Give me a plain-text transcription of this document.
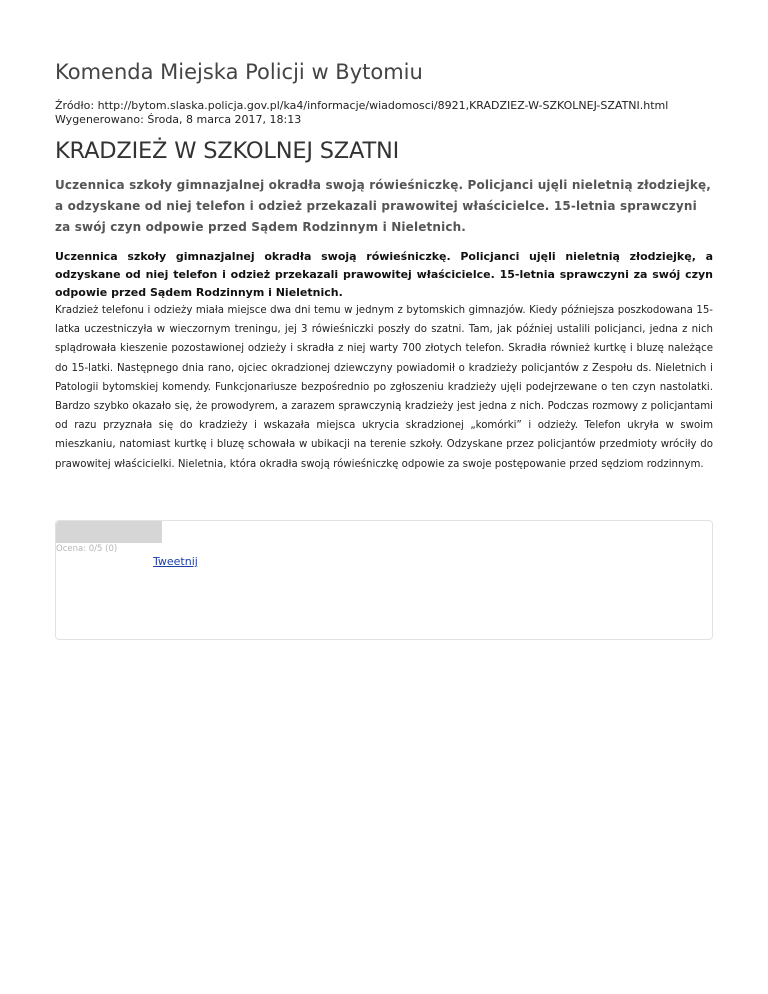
Komenda Miejska Policji w Bytomiu
Źródło: http://bytom.slaska.policja.gov.pl/ka4/informacje/wiadomosci/8921,KRADZIEZ-W-SZKOLNEJ-SZATNI.html
Wygenerowano: Środa, 8 marca 2017, 18:13
KRADZIEŻ W SZKOLNEJ SZATNI

Uczennica szkoły gimnazjalnej okradła swoją rówieśniczkę. Policjanci ujęli nieletnią złodziejkę, a odzyskane od niej telefon i odzież przekazali prawowitej właścicielce. 15-letnia sprawczyni za swój czyn odpowie przed Sądem Rodzinnym i Nieletnich.

Uczennica szkoły gimnazjalnej okradła swoją rówieśniczkę. Policjanci ujęli nieletnią złodziejkę, a odzyskane od niej telefon i odzież przekazali prawowitej właścicielce. 15-letnia sprawczyni za swój czyn odpowie przed Sądem Rodzinnym i Nieletnich.

Kradzież telefonu i odzieży miała miejsce dwa dni temu w jednym z bytomskich gimnazjów. Kiedy późniejsza poszkodowana 15-latka uczestniczyła w wieczornym treningu, jej 3 rówieśniczki poszły do szatni. Tam, jak później ustalili policjanci, jedna z nich splądrowała kieszenie pozostawionej odzieży i skradła z niej warty 700 złotych telefon. Skradła również kurtkę i bluzę należące do 15-latki. Następnego dnia rano, ojciec okradzionej dziewczyny powiadomił o kradzieży policjantów z Zespołu ds. Nieletnich i Patologii bytomskiej komendy. Funkcjonariusze bezpośrednio po zgłoszeniu kradzieży ujęli podejrzewane o ten czyn nastolatki. Bardzo szybko okazało się, że prowodyrem, a zarazem sprawczynią kradzieży jest jedna z nich. Podczas rozmowy z policjantami od razu przyznała się do kradzieży i wskazała miejsca ukrycia skradzionej „komórki” i odzieży. Telefon ukryła w swoim mieszkaniu, natomiast kurtkę i bluzę schowała w ubikacji na terenie szkoły. Odzyskane przez policjantów przedmioty wróciły do prawowitej właścicielki. Nieletnia, która okradła swoją rówieśniczkę odpowie za swoje postępowanie przed sędziom rodzinnym.

Ocena: 0/5 (0)
Tweetnij
